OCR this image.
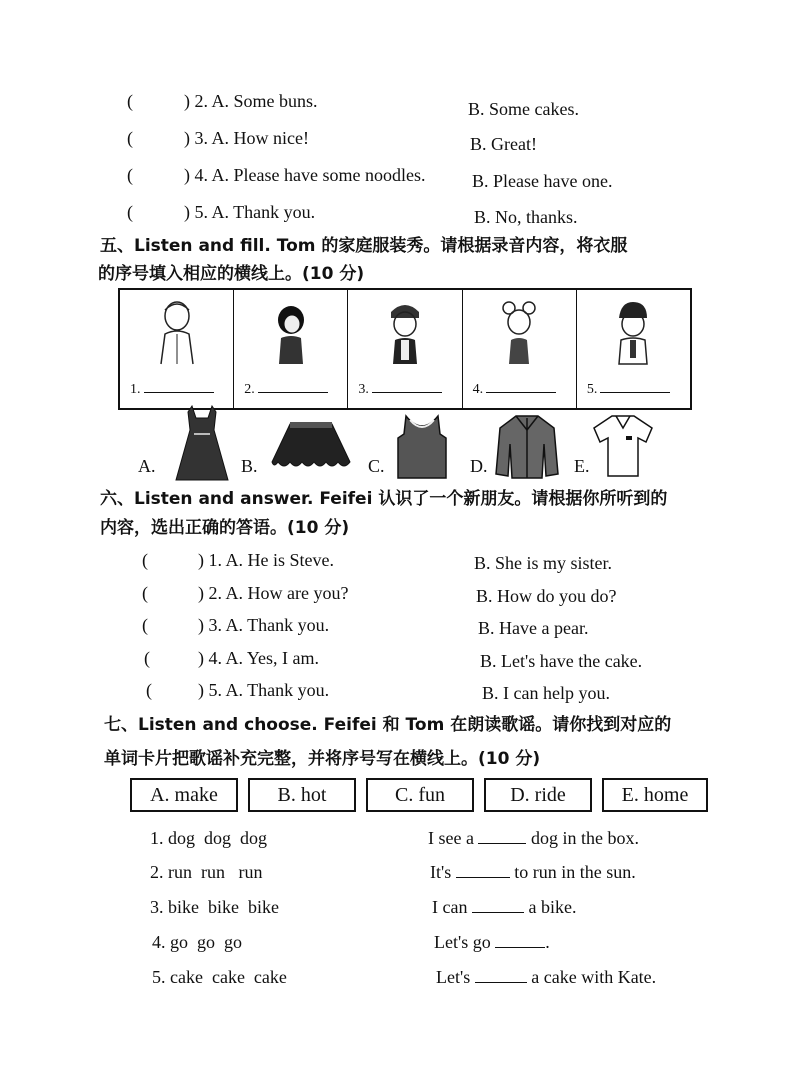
(	) 2. A. Some buns.	B. Some cakes.
(	) 3. A. How nice!	B. Great!
(	) 4. A. Please have some noodles.	B. Please have one.
(	) 5. A. Thank you.	B. No, thanks.
五、Listen and fill. Tom 的家庭服装秀。请根据录音内容，将衣服
的序号填入相应的横线上。(10 分)
1.	2.	3.	4.	5.
A.	B.	C.	D.	E.
六、Listen and answer. Feifei 认识了一个新朋友。请根据你所听到的
内容，选出正确的答语。(10 分)
(	) 1. A. He is Steve.	B. She is my sister.
(	) 2. A. How are you?	B. How do you do?
(	) 3. A. Thank you.	B. Have a pear.
(	) 4. A. Yes, I am.	B. Let's have the cake.
(	) 5. A. Thank you.	B. I can help you.
七、Listen and choose. Feifei 和 Tom 在朗读歌谣。请你找到对应的
单词卡片把歌谣补充完整，并将序号写在横线上。(10 分)
A. make	B. hot	C. fun	D. ride	E. home
1. dog  dog  dog	I see a	dog in the box.
2. run  run   run	It's	to run in the sun.
3. bike  bike  bike	I can	a bike.
4. go  go  go	Let's go	.
5. cake  cake  cake	Let's	a cake with Kate.
